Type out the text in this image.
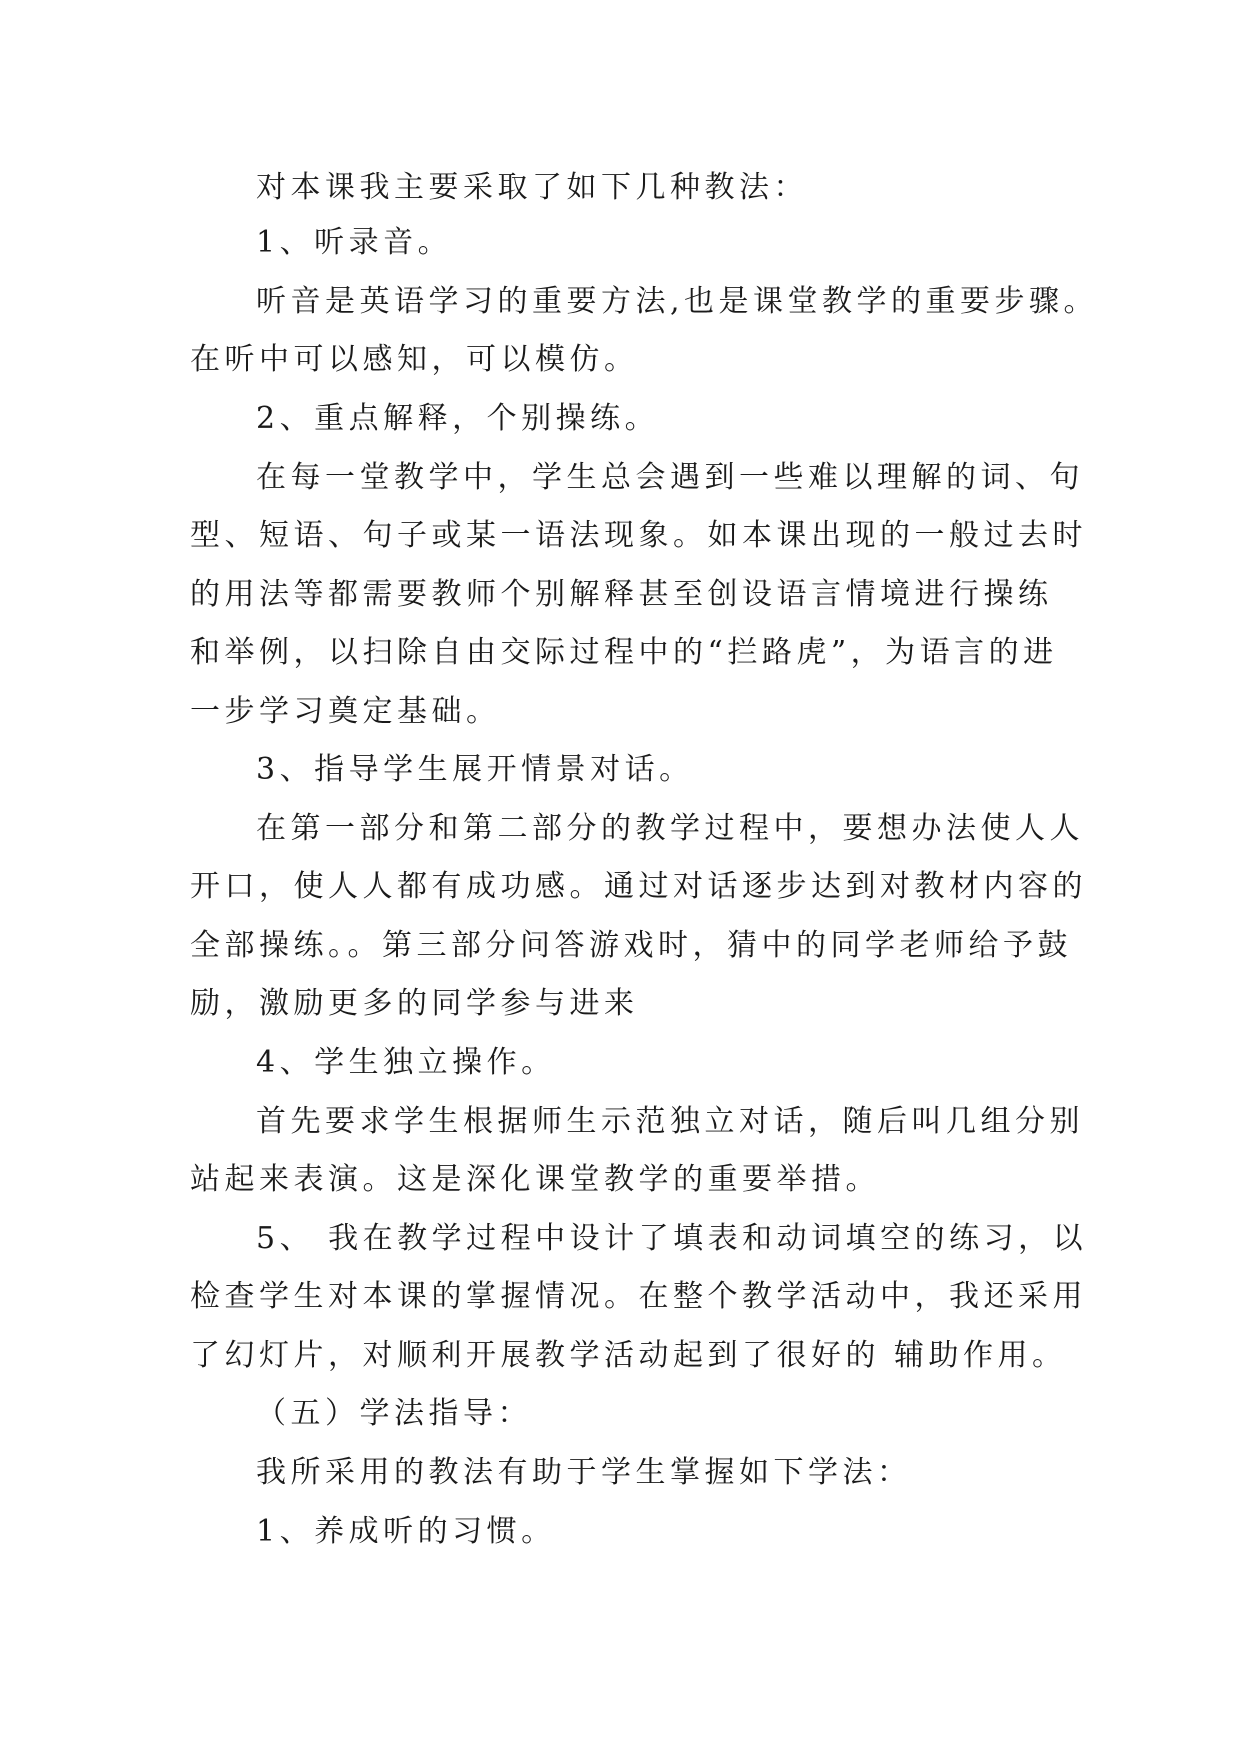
对本课我主要采取了如下几种教法：
1、听录音。
听音是英语学习的重要方法,也是课堂教学的重要步骤。
在听中可以感知，可以模仿。
2、重点解释，个别操练。
在每一堂教学中，学生总会遇到一些难以理解的词、句
型、短语、句子或某一语法现象。如本课出现的一般过去时
的用法等都需要教师个别解释甚至创设语言情境进行操练
和举例，以扫除自由交际过程中的“拦路虎”，为语言的进
一步学习奠定基础。
3、指导学生展开情景对话。
在第一部分和第二部分的教学过程中，要想办法使人人
开口，使人人都有成功感。通过对话逐步达到对教材内容的
全部操练。。第三部分问答游戏时，猜中的同学老师给予鼓
励，激励更多的同学参与进来
4、学生独立操作。
首先要求学生根据师生示范独立对话，随后叫几组分别
站起来表演。这是深化课堂教学的重要举措。
5、 我在教学过程中设计了填表和动词填空的练习，以
检查学生对本课的掌握情况。在整个教学活动中，我还采用
了幻灯片，对顺利开展教学活动起到了很好的 辅助作用。
（五）学法指导：
我所采用的教法有助于学生掌握如下学法：
1、养成听的习惯。
